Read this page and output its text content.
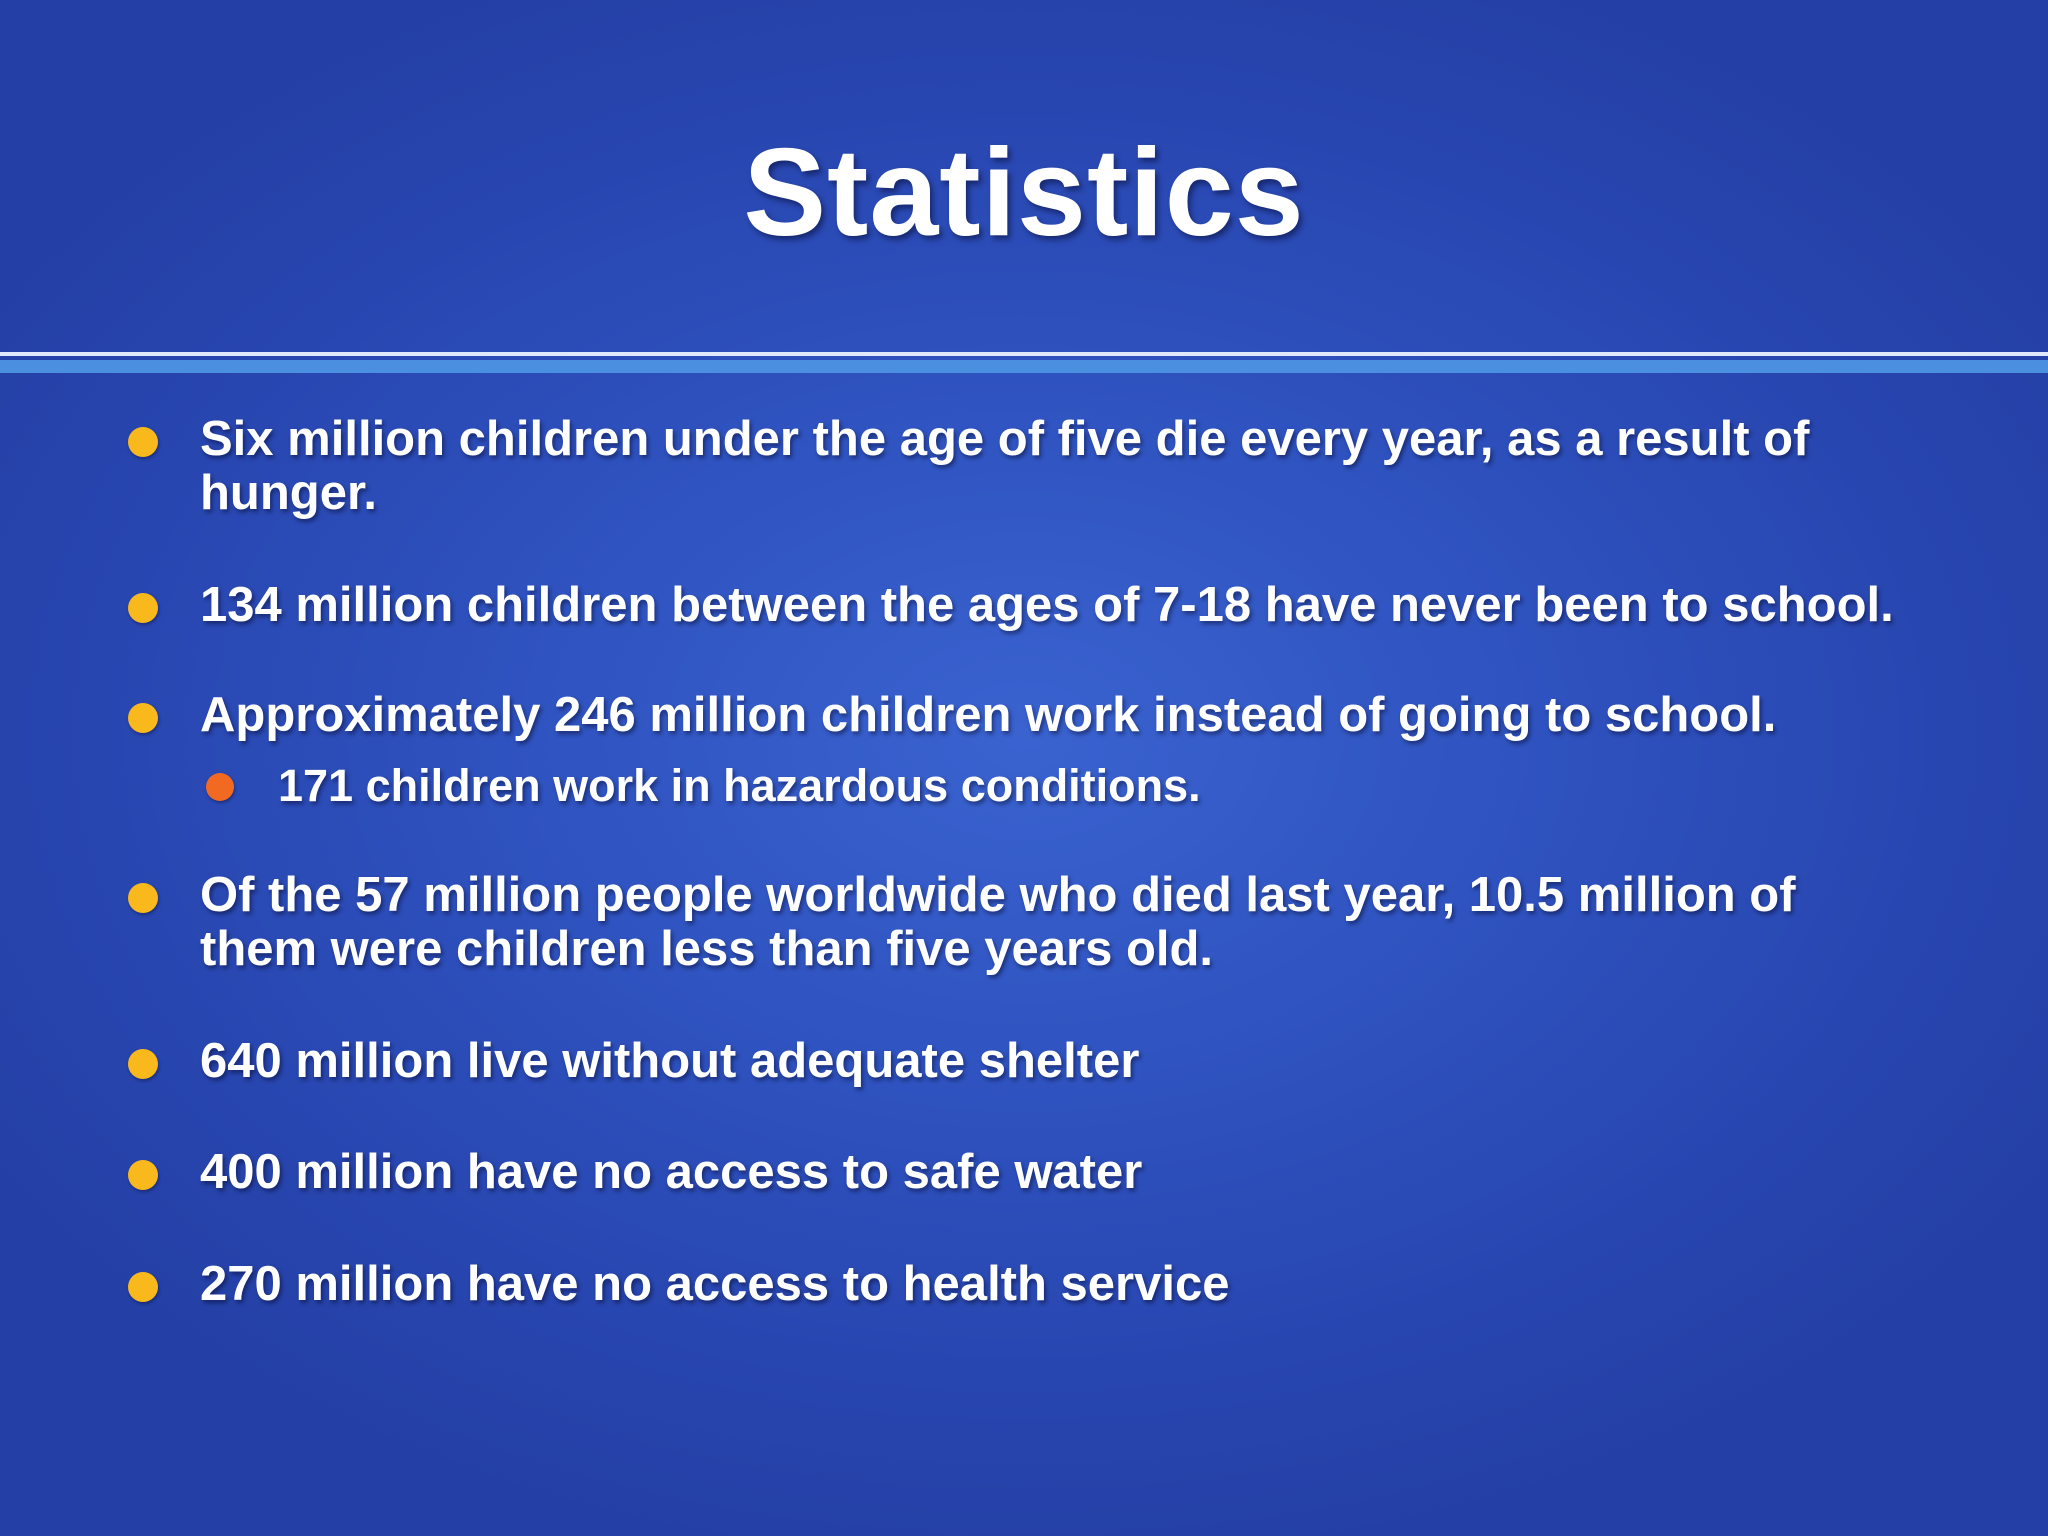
Statistics
Six million children under the age of five die every year, as a result of hunger.
134 million children between the ages of 7-18 have never been to school.
Approximately 246 million children work instead of going to school.
171 children work in hazardous conditions.
Of the 57 million people worldwide who died last year, 10.5 million of them were children less than five years old.
640 million live without adequate shelter
400 million have no access to safe water
270 million have no access to health service
